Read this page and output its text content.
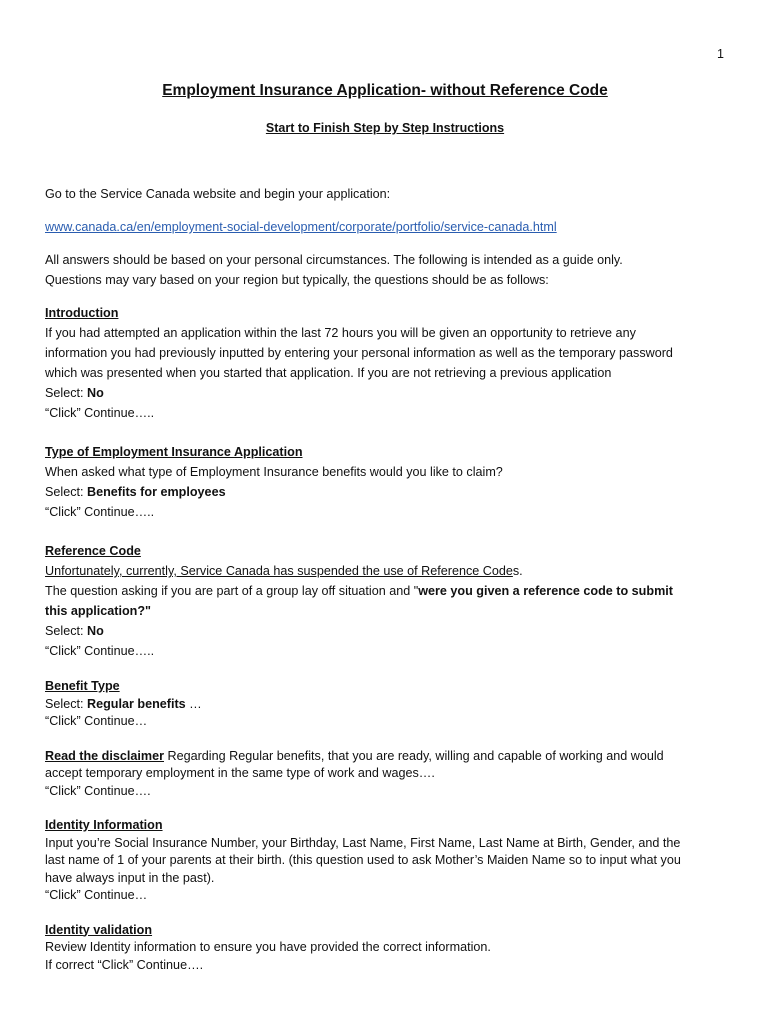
1
Employment Insurance Application- without Reference Code
Start to Finish Step by Step Instructions

Go to the Service Canada website and begin your application:

www.canada.ca/en/employment-social-development/corporate/portfolio/service-canada.html

All answers should be based on your personal circumstances. The following is intended as a guide only.

Questions may vary based on your region but typically, the questions should be as follows:

Introduction

If you had attempted an application within the last 72 hours you will be given an opportunity to retrieve any

information you had previously inputted by entering your personal information as well as the temporary password

which was presented when you started that application. If you are not retrieving a previous application

Select: No

“Click” Continue…..

Type of Employment Insurance Application

When asked what type of Employment Insurance benefits would you like to claim?

Select: Benefits for employees

“Click” Continue…..

Reference Code

Unfortunately, currently, Service Canada has suspended the use of Reference Codes.

The question asking if you are part of a group lay off situation and "were you given a reference code to submit

this application?"

Select: No

“Click” Continue…..

Benefit Type

Select: Regular benefits …

“Click” Continue…

Read the disclaimer Regarding Regular benefits, that you are ready, willing and capable of working and would

accept temporary employment in the same type of work and wages….

“Click” Continue….

Identity Information

Input you’re Social Insurance Number, your Birthday, Last Name, First Name, Last Name at Birth, Gender, and the

last name of 1 of your parents at their birth. (this question used to ask Mother’s Maiden Name so to input what you

have always input in the past).

“Click” Continue…

Identity validation

Review Identity information to ensure you have provided the correct information.

If correct “Click” Continue….
